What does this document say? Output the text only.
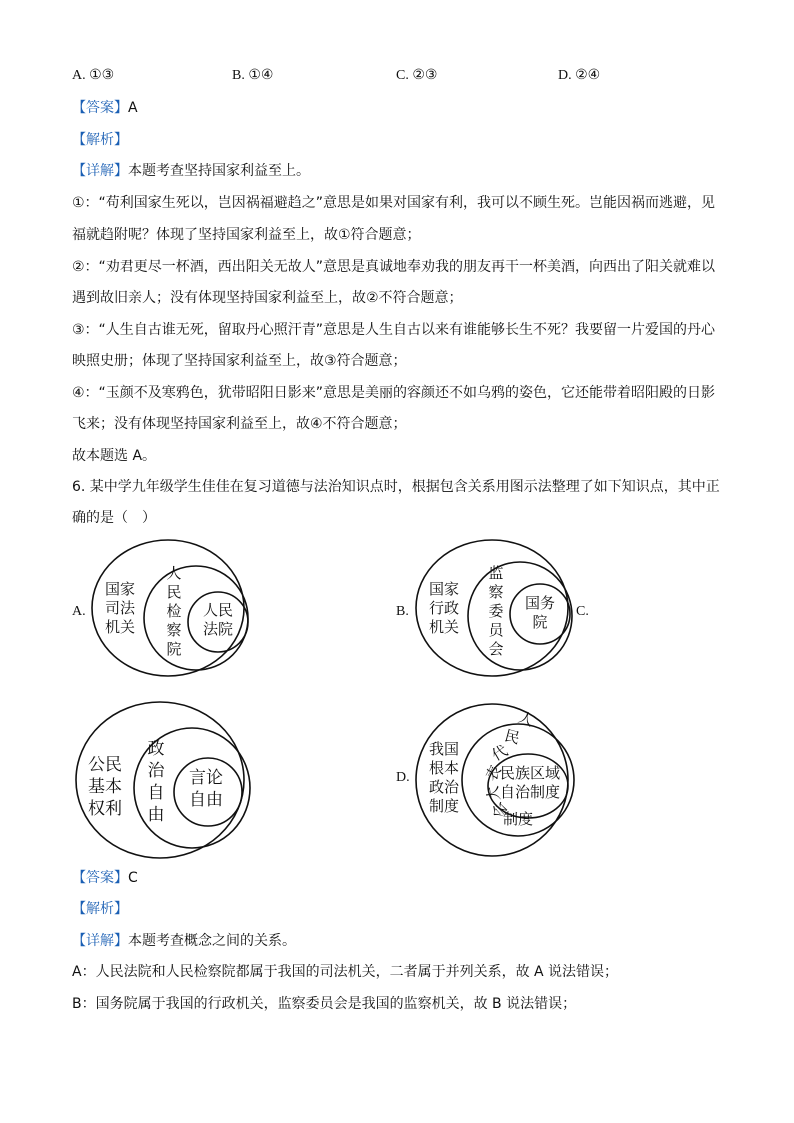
A. ①③	B. ①④	C. ②③	D. ②④
【答案】A
【解析】
【详解】本题考查坚持国家利益至上。
①：“苟利国家生死以，岂因祸福避趋之”意思是如果对国家有利，我可以不顾生死。岂能因祸而逃避，见
福就趋附呢？体现了坚持国家利益至上，故①符合题意；
②：“劝君更尽一杯酒，西出阳关无故人”意思是真诚地奉劝我的朋友再干一杯美酒，向西出了阳关就难以
遇到故旧亲人；没有体现坚持国家利益至上，故②不符合题意；
③：“人生自古谁无死，留取丹心照汗青”意思是人生自古以来有谁能够长生不死？我要留一片爱国的丹心
映照史册；体现了坚持国家利益至上，故③符合题意；
④：“玉颜不及寒鸦色，犹带昭阳日影来”意思是美丽的容颜还不如乌鸦的姿色，它还能带着昭阳殿的日影
飞来；没有体现坚持国家利益至上，故④不符合题意；
故本题选 A。
6. 某中学九年级学生佳佳在复习道德与法治知识点时，根据包含关系用图示法整理了如下知识点，其中正
确的是（　）
A.
国家
司法
机关
人
民
检
察
院
人民
法院
B.
国家
行政
机关
监
察
委
员
会
国务
院
C.
公民
基本
权利
政
治
自
由
言论
自由
D.
我国
根本
政治
制度
人
民
代
表
大
会
制度
民族区域
自治制度
【答案】C
【解析】
【详解】本题考查概念之间的关系。
A：人民法院和人民检察院都属于我国的司法机关，二者属于并列关系，故 A 说法错误；
B：国务院属于我国的行政机关，监察委员会是我国的监察机关，故 B 说法错误；
